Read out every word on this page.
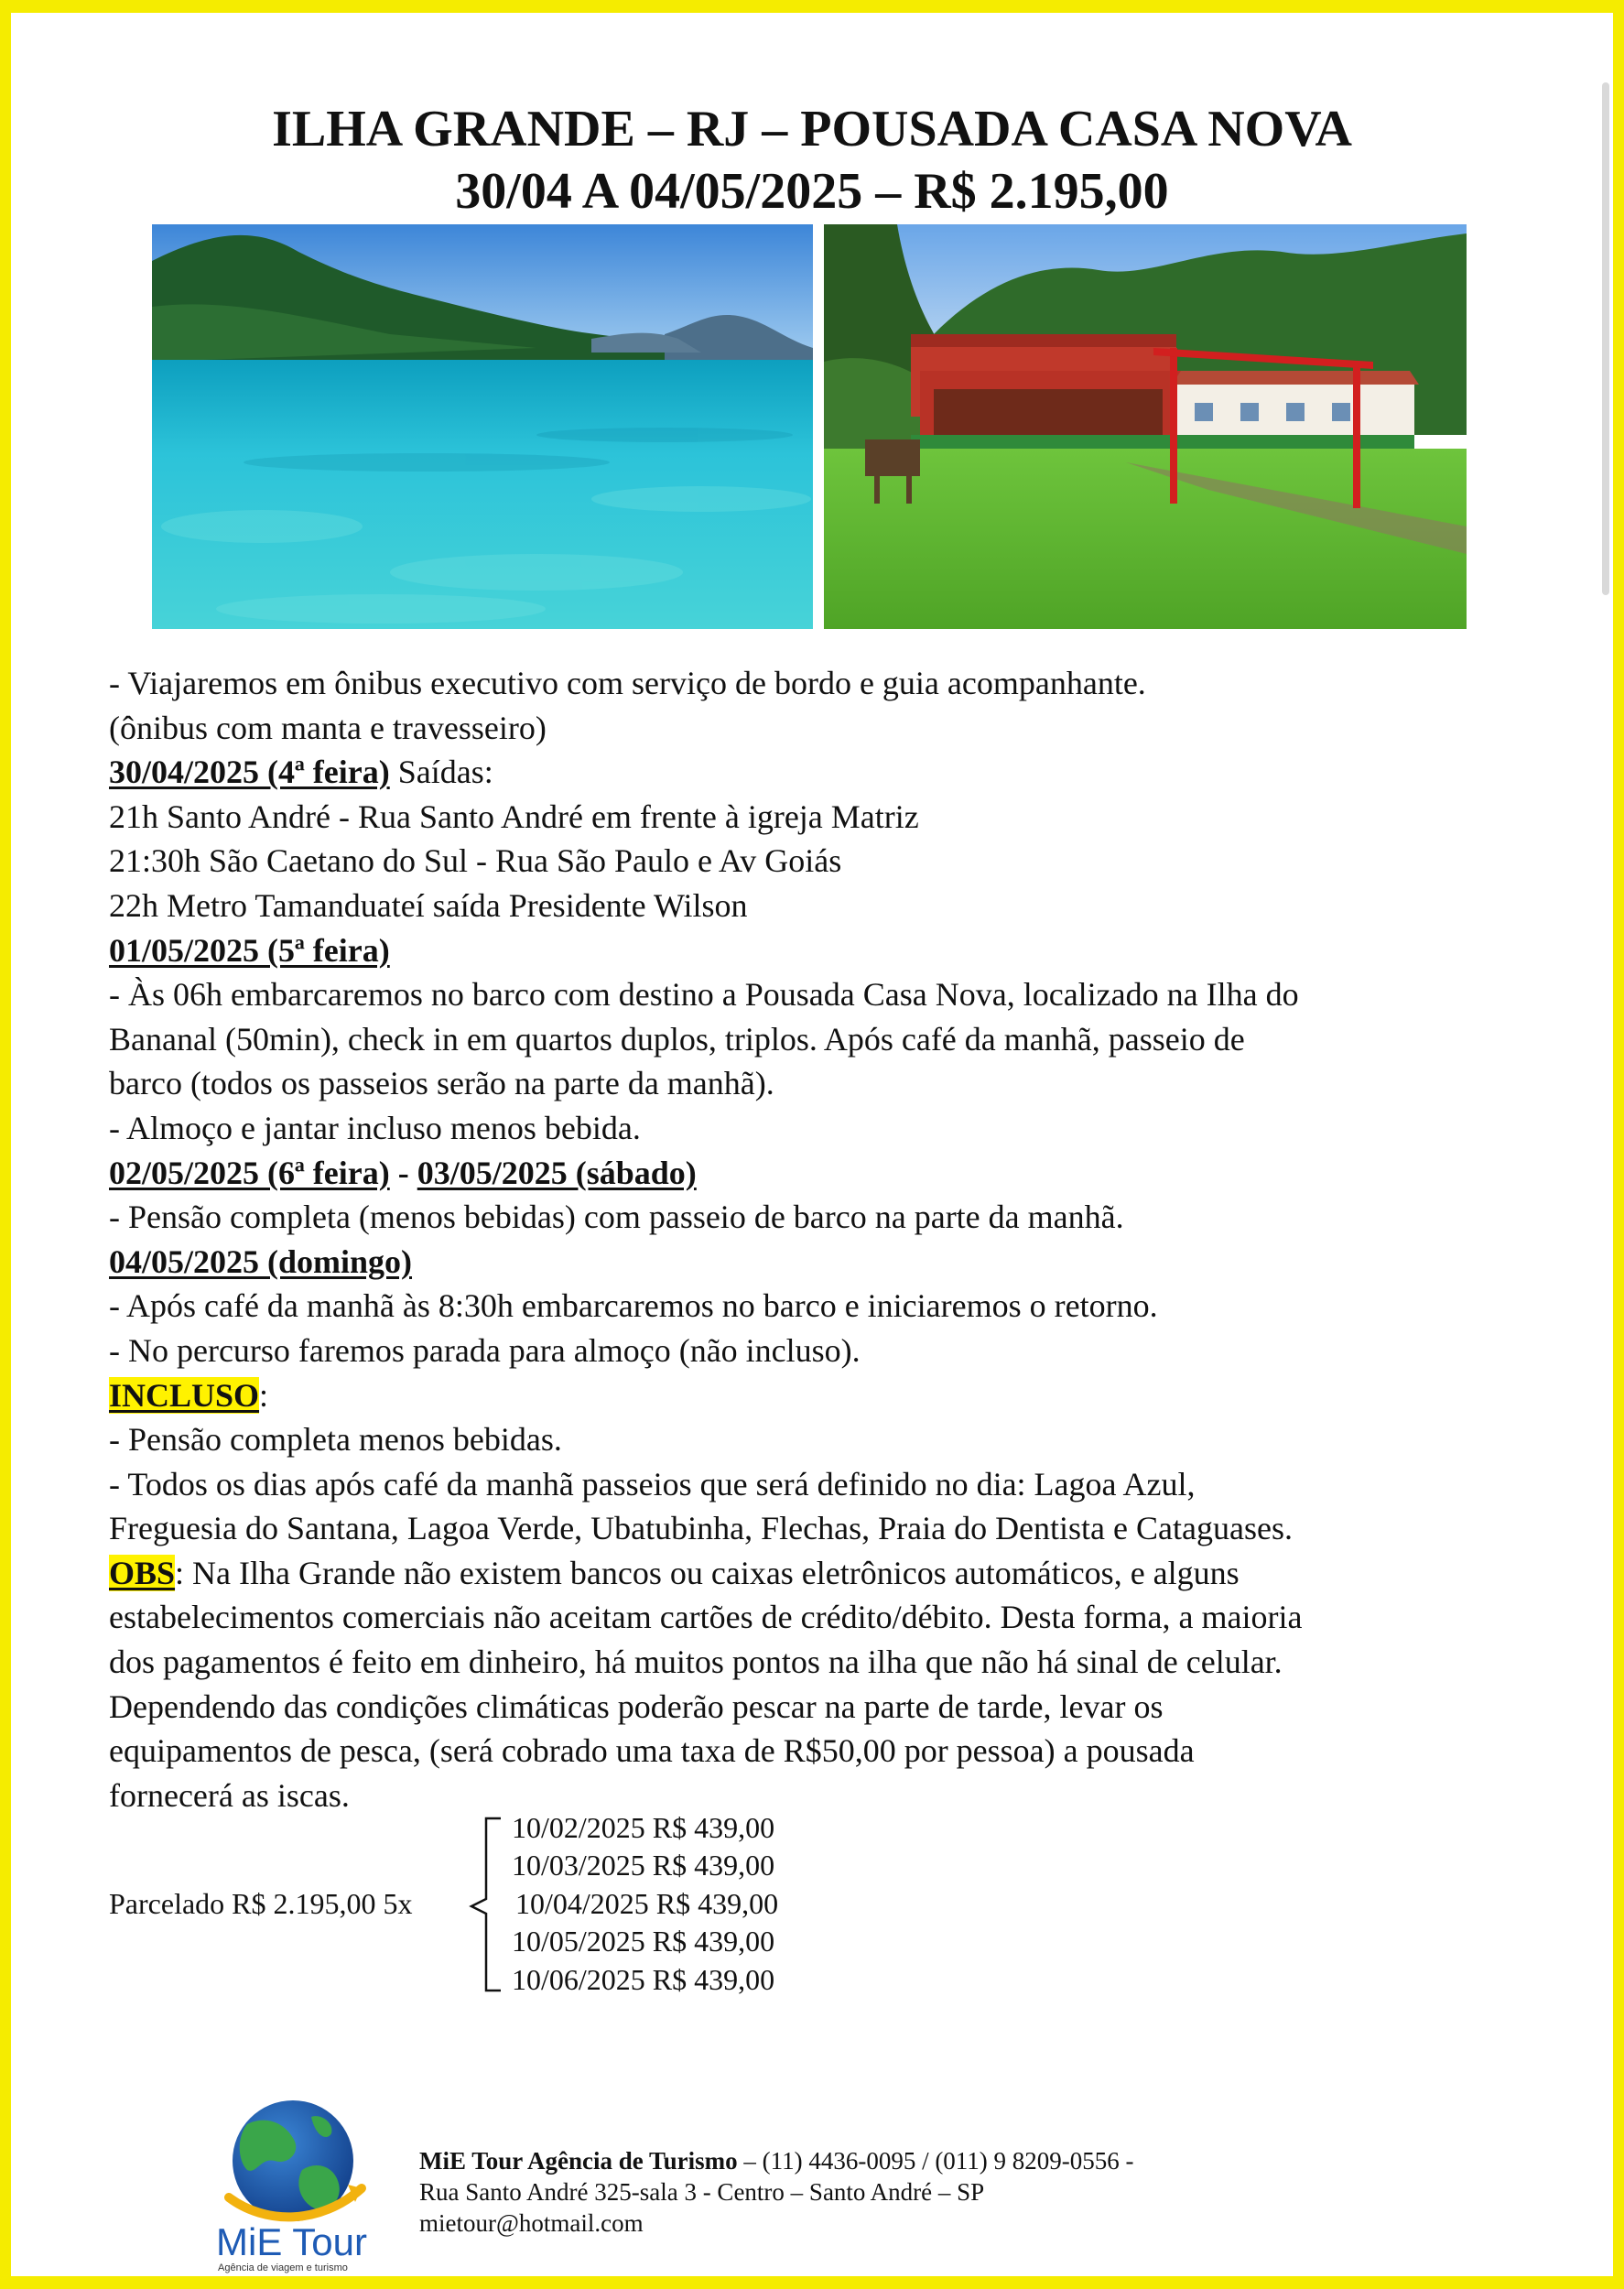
ILHA GRANDE – RJ – POUSADA CASA NOVA
30/04 A 04/05/2025 – R$ 2.195,00
- Viajaremos em ônibus executivo com serviço de bordo e guia acompanhante.
(ônibus com manta e travesseiro)
30/04/2025 (4ª feira) Saídas:
21h Santo André - Rua Santo André em frente à igreja Matriz
21:30h São Caetano do Sul - Rua São Paulo e Av Goiás
22h Metro Tamanduateí saída Presidente Wilson
01/05/2025 (5ª feira)
- Às 06h embarcaremos no barco com destino a Pousada Casa Nova, localizado na Ilha do
Bananal (50min), check in em quartos duplos, triplos. Após café da manhã, passeio de
barco (todos os passeios serão na parte da manhã).
- Almoço e jantar incluso menos bebida.
02/05/2025 (6ª feira) - 03/05/2025 (sábado)
- Pensão completa (menos bebidas) com passeio de barco na parte da manhã.
04/05/2025 (domingo)
- Após café da manhã às 8:30h embarcaremos no barco e iniciaremos o retorno.
- No percurso faremos parada para almoço (não incluso).
INCLUSO:
- Pensão completa menos bebidas.
- Todos os dias após café da manhã passeios que será definido no dia: Lagoa Azul,
Freguesia do Santana, Lagoa Verde, Ubatubinha, Flechas, Praia do Dentista e Cataguases.
OBS: Na Ilha Grande não existem bancos ou caixas eletrônicos automáticos, e alguns
estabelecimentos comerciais não aceitam cartões de crédito/débito. Desta forma, a maioria
dos pagamentos é feito em dinheiro, há muitos pontos na ilha que não há sinal de celular.
Dependendo das condições climáticas poderão pescar na parte de tarde, levar os
equipamentos de pesca, (será cobrado uma taxa de R$50,00 por pessoa) a pousada
fornecerá as iscas.
Parcelado R$ 2.195,00 5x
10/02/2025 R$ 439,00
10/03/2025 R$ 439,00
10/04/2025 R$ 439,00
10/05/2025 R$ 439,00
10/06/2025 R$ 439,00
MiE Tour
Agência de viagem e turismo
MiE Tour Agência de Turismo – (11) 4436-0095 / (011) 9 8209-0556 -
Rua Santo André 325-sala 3 - Centro – Santo André – SP
mietour@hotmail.com
